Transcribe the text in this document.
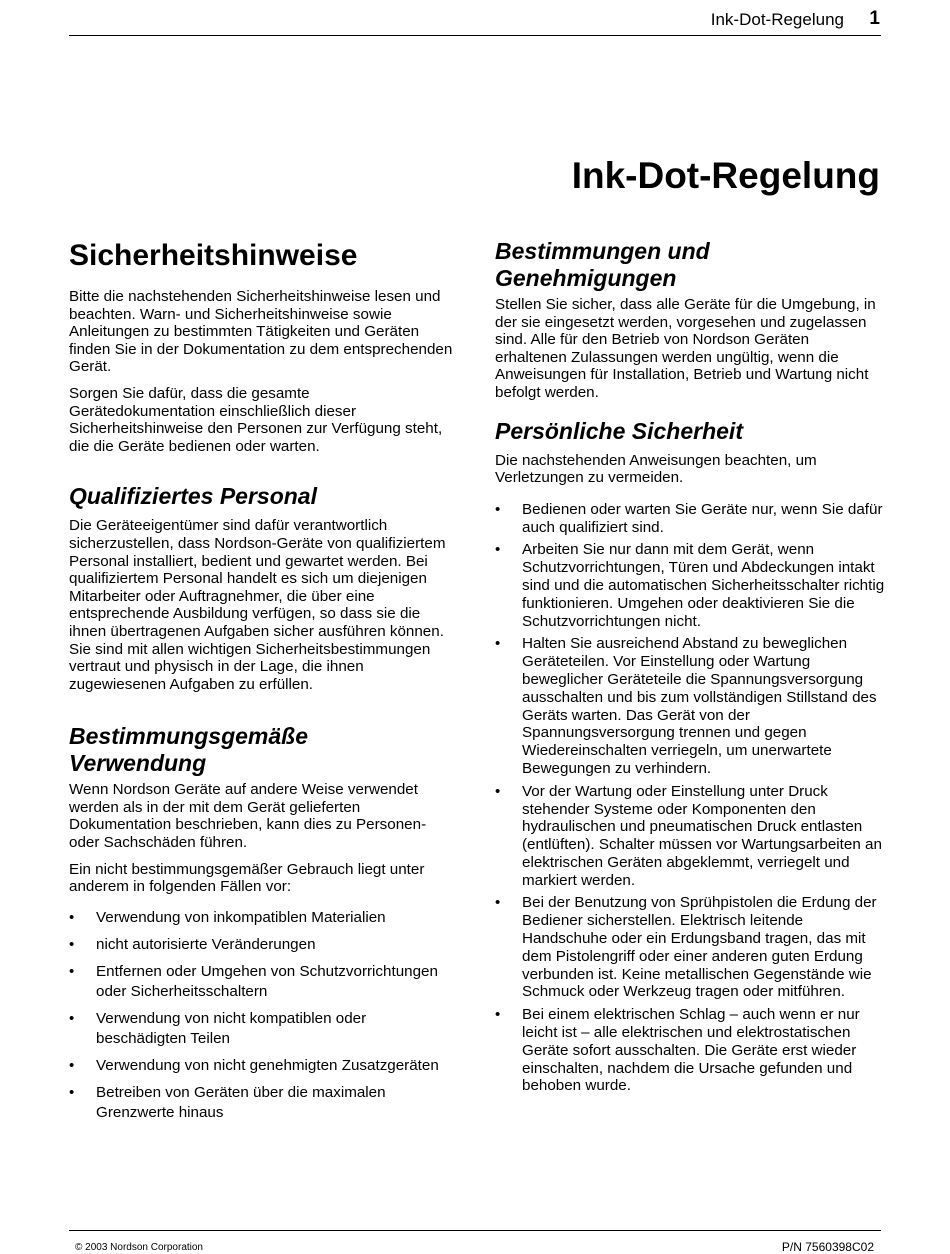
Ink-Dot-Regelung 1
Ink-Dot-Regelung
Sicherheitshinweise

Bitte die nachstehenden Sicherheitshinweise lesen und beachten. Warn- und Sicherheitshinweise sowie Anleitungen zu bestimmten Tätigkeiten und Geräten finden Sie in der Dokumentation zu dem entsprechenden Gerät.

Sorgen Sie dafür, dass die gesamte Gerätedokumentation einschließlich dieser Sicherheitshinweise den Personen zur Verfügung steht, die die Geräte bedienen oder warten.

Qualifiziertes Personal

Die Geräteeigentümer sind dafür verantwortlich sicherzustellen, dass Nordson-Geräte von qualifiziertem Personal installiert, bedient und gewartet werden. Bei qualifiziertem Personal handelt es sich um diejenigen Mitarbeiter oder Auftragnehmer, die über eine entsprechende Ausbildung verfügen, so dass sie die ihnen übertragenen Aufgaben sicher ausführen können. Sie sind mit allen wichtigen Sicherheitsbestimmungen vertraut und physisch in der Lage, die ihnen zugewiesenen Aufgaben zu erfüllen.

Bestimmungsgemäße
Verwendung

Wenn Nordson Geräte auf andere Weise verwendet werden als in der mit dem Gerät gelieferten Dokumentation beschrieben, kann dies zu Personen- oder Sachschäden führen.

Ein nicht bestimmungsgemäßer Gebrauch liegt unter anderem in folgenden Fällen vor:

• Verwendung von inkompatiblen Materialien
• nicht autorisierte Veränderungen
• Entfernen oder Umgehen von Schutzvorrichtungen oder Sicherheitsschaltern
• Verwendung von nicht kompatiblen oder beschädigten Teilen
• Verwendung von nicht genehmigten Zusatzgeräten
• Betreiben von Geräten über die maximalen Grenzwerte hinaus
Bestimmungen und
Genehmigungen

Stellen Sie sicher, dass alle Geräte für die Umgebung, in der sie eingesetzt werden, vorgesehen und zugelassen sind. Alle für den Betrieb von Nordson Geräten erhaltenen Zulassungen werden ungültig, wenn die Anweisungen für Installation, Betrieb und Wartung nicht befolgt werden.

Persönliche Sicherheit

Die nachstehenden Anweisungen beachten, um Verletzungen zu vermeiden.

• Bedienen oder warten Sie Geräte nur, wenn Sie dafür auch qualifiziert sind.
• Arbeiten Sie nur dann mit dem Gerät, wenn Schutzvorrichtungen, Türen und Abdeckungen intakt sind und die automatischen Sicherheitsschalter richtig funktionieren. Umgehen oder deaktivieren Sie die Schutzvorrichtungen nicht.
• Halten Sie ausreichend Abstand zu beweglichen Geräteteilen. Vor Einstellung oder Wartung beweglicher Geräteteile die Spannungsversorgung ausschalten und bis zum vollständigen Stillstand des Geräts warten. Das Gerät von der Spannungsversorgung trennen und gegen Wiedereinschalten verriegeln, um unerwartete Bewegungen zu verhindern.
• Vor der Wartung oder Einstellung unter Druck stehender Systeme oder Komponenten den hydraulischen und pneumatischen Druck entlasten (entlüften). Schalter müssen vor Wartungsarbeiten an elektrischen Geräten abgeklemmt, verriegelt und markiert werden.
• Bei der Benutzung von Sprühpistolen die Erdung der Bediener sicherstellen. Elektrisch leitende Handschuhe oder ein Erdungsband tragen, das mit dem Pistolengriff oder einer anderen guten Erdung verbunden ist. Keine metallischen Gegenstände wie Schmuck oder Werkzeug tragen oder mitführen.
• Bei einem elektrischen Schlag – auch wenn er nur leicht ist – alle elektrischen und elektrostatischen Geräte sofort ausschalten. Die Geräte erst wieder einschalten, nachdem die Ursache gefunden und behoben wurde.
© 2003 Nordson Corporation	P/N 7560398C02
